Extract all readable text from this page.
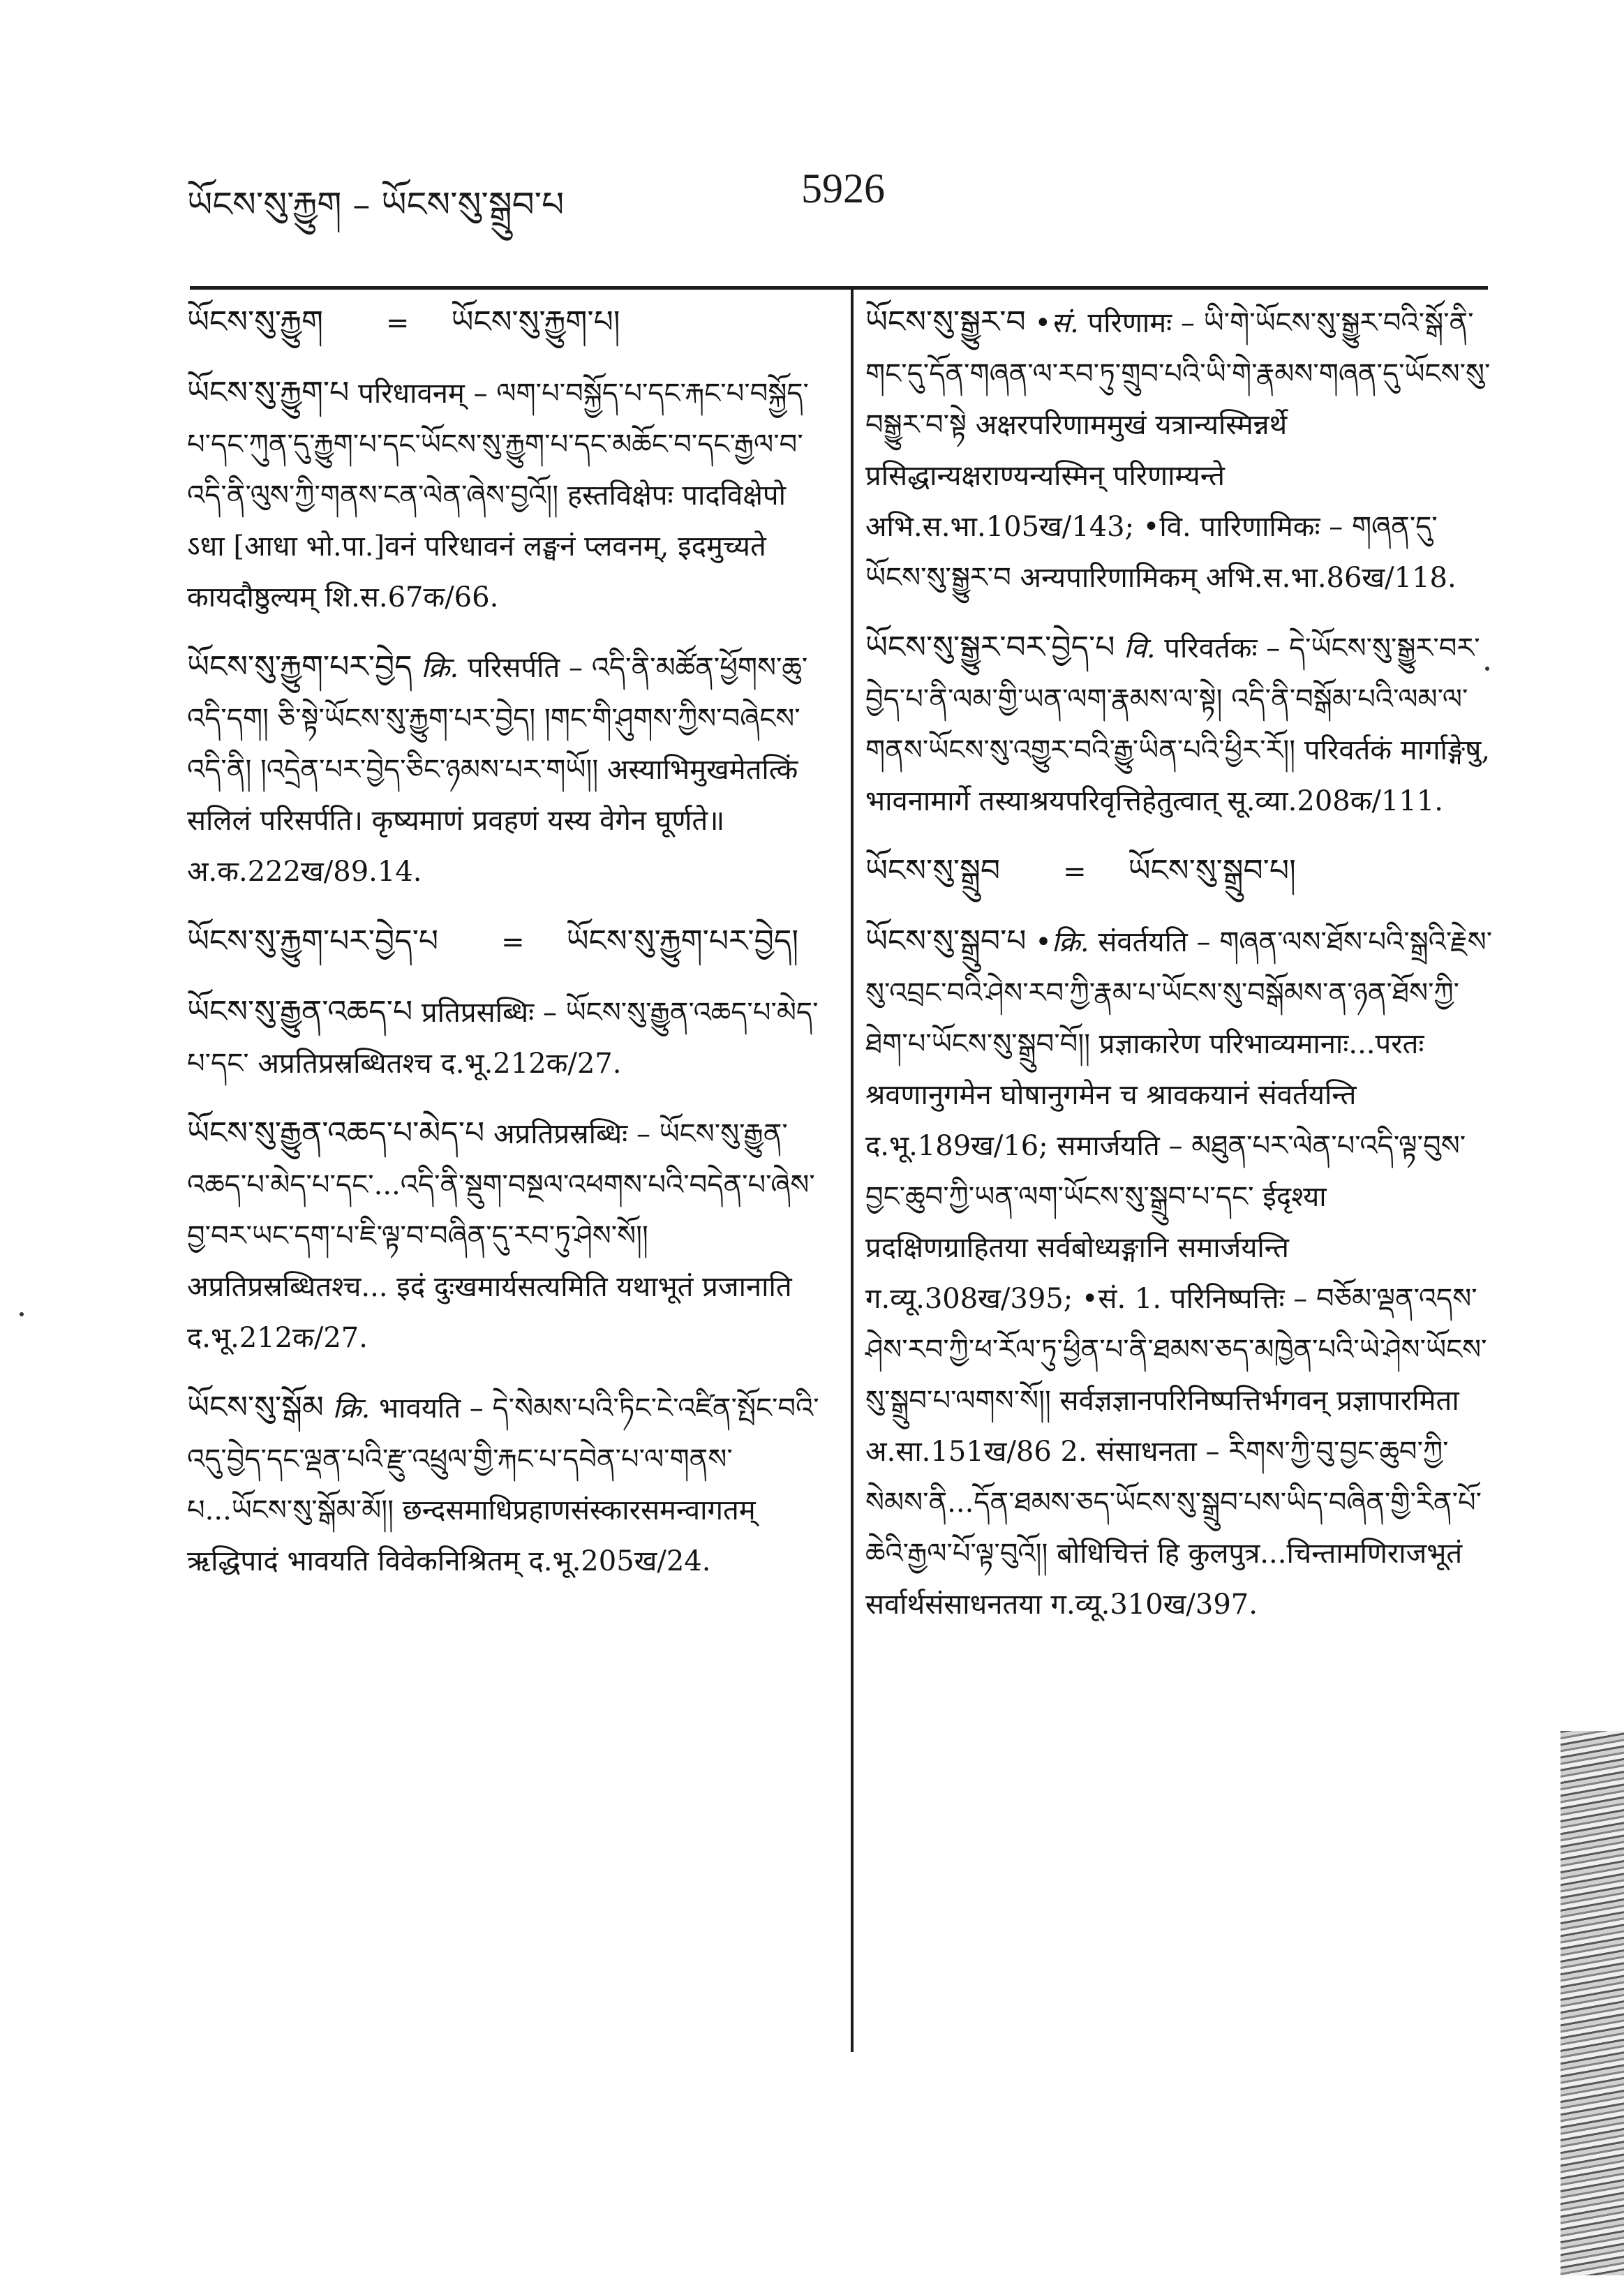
ཡོངས་སུ་རྐྱུག – ཡོངས་སུ་སྒྲུབ་པ	5926
ཡོངས་སུ་རྐྱུག = ཡོངས་སུ་རྐྱུག་པ།
ཡོངས་སུ་རྐྱུག་པ परिधावनम् – ལག་པ་བསྐྱོད་པ་དང་རྐང་པ་བསྐྱོད་པ་དང་ཀུན་དུ་རྐྱུག་པ་དང་ཡོངས་སུ་རྐྱུག་པ་དང་མཆོང་བ་དང་རྒྱལ་བ་འདི་ནི་ལུས་ཀྱི་གནས་ངན་ལེན་ཞེས་བྱའོ།། हस्तविक्षेपः पादविक्षेपो ऽधा [आधा भो.पा.]वनं परिधावनं लङ्घनं प्लवनम्, इदमुच्यते कायदौष्ठुल्यम् शि.स.67क/66.
ཡོངས་སུ་རྐྱུག་པར་བྱེད क्रि. परिसर्पति – འདི་ནི་མཚོན་ཕྱོགས་ཆུ་འདི་དག། ཅི་སྟེ་ཡོངས་སུ་རྐྱུག་པར་བྱེད། །གང་གི་ཤུགས་ཀྱིས་བཞེངས་འདི་ནི། །འདྲེན་པར་བྱེད་ཅིང་ཉམས་པར་གཡོ།། अस्याभिमुखमेतत्किं सलिलं परिसर्पति। कृष्यमाणं प्रवहणं यस्य वेगेन घूर्णते॥ अ.क.222ख/89.14.
ཡོངས་སུ་རྐྱུག་པར་བྱེད་པ = ཡོངས་སུ་རྐྱུག་པར་བྱེད།
ཡོངས་སུ་རྒྱུན་འཆད་པ प्रतिप्रसब्धिः – ཡོངས་སུ་རྒྱུན་འཆད་པ་མེད་པ་དང་ अप्रतिप्रस्रब्धितश्च द.भू.212क/27.
ཡོངས་སུ་རྒྱུན་འཆད་པ་མེད་པ अप्रतिप्रस्रब्धिः – ཡོངས་སུ་རྒྱུན་འཆད་པ་མེད་པ་དང་...འདི་ནི་སྡུག་བསྔལ་འཕགས་པའི་བདེན་པ་ཞེས་བྱ་བར་ཡང་དག་པ་ཇི་ལྟ་བ་བཞིན་དུ་རབ་ཏུ་ཤེས་སོ།། अप्रतिप्रस्रब्धितश्च... इदं दुःखमार्यसत्यमिति यथाभूतं प्रजानाति द.भू.212क/27.
ཡོངས་སུ་སྒོམ क्रि. भावयति – དེ་སེམས་པའི་ཏིང་ངེ་འཛིན་སྤོང་བའི་འདུ་བྱེད་དང་ལྡན་པའི་རྫུ་འཕྲུལ་གྱི་རྐང་པ་དབེན་པ་ལ་གནས་པ...ཡོངས་སུ་སྒོམ་མོ།། छन्दसमाधिप्रहाणसंस्कारसमन्वागतम् ऋद्धिपादं भावयति विवेकनिश्रितम् द.भू.205ख/24.
ཡོངས་སུ་སྒྱུར་བ •सं. परिणामः – ཡི་གེ་ཡོངས་སུ་སྒྱུར་བའི་སྒོ་ནི་གང་དུ་དོན་གཞན་ལ་རབ་ཏུ་གྲུབ་པའི་ཡི་གེ་རྣམས་གཞན་དུ་ཡོངས་སུ་བསྒྱུར་བ་སྟེ अक्षरपरिणाममुखं यत्रान्यस्मिन्नर्थे प्रसिद्धान्यक्षराण्यन्यस्मिन् परिणाम्यन्ते अभि.स.भा.105ख/143; •वि. पारिणामिकः – གཞན་དུ་ཡོངས་སུ་སྒྱུར་བ अन्यपारिणामिकम् अभि.स.भा.86ख/118.
ཡོངས་སུ་སྒྱུར་བར་བྱེད་པ वि. परिवर्तकः – དེ་ཡོངས་སུ་སྒྱུར་བར་བྱེད་པ་ནི་ལམ་གྱི་ཡན་ལག་རྣམས་ལ་སྟེ། འདི་ནི་བསྒོམ་པའི་ལམ་ལ་གནས་ཡོངས་སུ་འགྱུར་བའི་རྒྱུ་ཡིན་པའི་ཕྱིར་རོ།། परिवर्तकं मार्गाङ्गेषु, भावनामार्गे तस्याश्रयपरिवृत्तिहेतुत्वात् सू.व्या.208क/111.
ཡོངས་སུ་སྒྲུབ = ཡོངས་སུ་སྒྲུབ་པ།
ཡོངས་སུ་སྒྲུབ་པ •क्रि. संवर्तयति – གཞན་ལས་ཐོས་པའི་སྒྲའི་རྗེས་སུ་འབྲང་བའི་ཤེས་རབ་ཀྱི་རྣམ་པ་ཡོངས་སུ་བསྒོམས་ན་ཉན་ཐོས་ཀྱི་ཐེག་པ་ཡོངས་སུ་སྒྲུབ་བོ།། प्रज्ञाकारेण परिभाव्यमानाः...परतः श्रवणानुगमेन घोषानुगमेन च श्रावकयानं संवर्तयन्ति द.भू.189ख/16; समार्जयति – མཐུན་པར་ལེན་པ་འདི་ལྟ་བུས་བྱང་ཆུབ་ཀྱི་ཡན་ལག་ཡོངས་སུ་སྒྲུབ་པ་དང་ ईदृश्या प्रदक्षिणग्राहितया सर्वबोध्यङ्गानि समार्जयन्ति ग.व्यू.308ख/395; •सं. 1. परिनिष्पत्तिः – བཅོམ་ལྡན་འདས་ཤེས་རབ་ཀྱི་ཕ་རོལ་ཏུ་ཕྱིན་པ་ནི་ཐམས་ཅད་མཁྱེན་པའི་ཡེ་ཤེས་ཡོངས་སུ་སྒྲུབ་པ་ལགས་སོ།། सर्वज्ञज्ञानपरिनिष्पत्तिर्भगवन् प्रज्ञापारमिता अ.सा.151ख/86 2. संसाधनता – རིགས་ཀྱི་བུ་བྱང་ཆུབ་ཀྱི་སེམས་ནི...དོན་ཐམས་ཅད་ཡོངས་སུ་སྒྲུབ་པས་ཡིད་བཞིན་གྱི་རིན་པོ་ཆེའི་རྒྱལ་པོ་ལྟ་བུའོ།། बोधिचित्तं हि कुलपुत्र...चिन्तामणिराजभूतं सर्वार्थसंसाधनतया ग.व्यू.310ख/397.
